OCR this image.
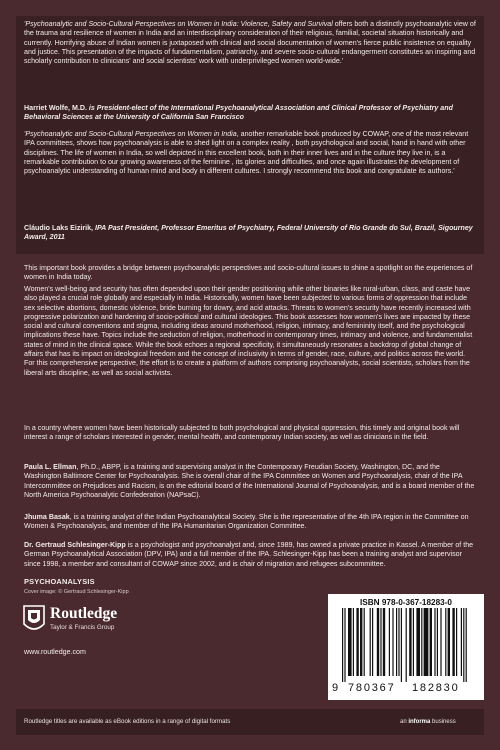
'Psychoanalytic and Socio-Cultural Perspectives on Women in India: Violence, Safety and Survival offers both a distinctly psychoanalytic view of the trauma and resilience of women in India and an interdisciplinary consideration of their religious, familial, societal situation historically and currently. Horrifying abuse of Indian women is juxtaposed with clinical and social documentation of women's fierce public insistence on equality and justice. This presentation of the impacts of fundamentalism, patriarchy, and severe socio-cultural endangerment constitutes an inspiring and scholarly contribution to clinicians' and social scientists' work with underprivileged women world-wide.'
Harriet Wolfe, M.D. is President-elect of the International Psychoanalytical Association and Clinical Professor of Psychiatry and Behavioral Sciences at the University of California San Francisco
'Psychoanalytic and Socio-Cultural Perspectives on Women in India, another remarkable book produced by COWAP, one of the most relevant IPA committees, shows how psychoanalysis is able to shed light on a complex reality , both psychological and social, hand in hand with other disciplines. The life of women in India, so well depicted in this excellent book, both in their inner lives and in the culture they live in, is a remarkable contribution to our growing awareness of the feminine , its glories and difficulties, and once again illustrates the development of psychoanalytic understanding of human mind and body in different cultures. I strongly recommend this book and congratulate its authors.'
Cláudio Laks Eizirik, IPA Past President, Professor Emeritus of Psychiatry, Federal University of Rio Grande do Sul, Brazil, Sigourney Award, 2011
This important book provides a bridge between psychoanalytic perspectives and socio-cultural issues to shine a spotlight on the experiences of women in India today.
Women's well-being and security has often depended upon their gender positioning while other binaries like rural-urban, class, and caste have also played a crucial role globally and especially in India. Historically, women have been subjected to various forms of oppression that include sex selective abortions, domestic violence, bride burning for dowry, and acid attacks. Threats to women's security have recently increased with progressive polarization and hardening of socio-political and cultural ideologies. This book assesses how women's lives are impacted by these social and cultural conventions and stigma, including ideas around motherhood, religion, intimacy, and femininity itself, and the psychological implications these have. Topics include the seduction of religion, motherhood in contemporary times, intimacy and violence, and fundamentalist states of mind in the clinical space. While the book echoes a regional specificity, it simultaneously resonates a backdrop of global change of affairs that has its impact on ideological freedom and the concept of inclusivity in terms of gender, race, culture, and politics across the world. For this comprehensive perspective, the effort is to create a platform of authors comprising psychoanalysts, social scientists, scholars from the liberal arts discipline, as well as social activists.
In a country where women have been historically subjected to both psychological and physical oppression, this timely and original book will interest a range of scholars interested in gender, mental health, and contemporary Indian society, as well as clinicians in the field.
Paula L. Ellman, Ph.D., ABPP, is a training and supervising analyst in the Contemporary Freudian Society, Washington, DC, and the Washington Baltimore Center for Psychoanalysis. She is overall chair of the IPA Committee on Women and Psychoanalysis, chair of the IPA Intercommittee on Prejudices and Racism, is on the editorial board of the International Journal of Psychoanalysis, and is a board member of the North America Psychoanalytic Confederation (NAPsaC).
Jhuma Basak, is a training analyst of the Indian Psychoanalytical Society. She is the representative of the 4th IPA region in the Committee on Women & Psychoanalysis, and member of the IPA Humanitarian Organization Committee.
Dr. Gertraud Schlesinger-Kipp is a psychologist and psychoanalyst and, since 1989, has owned a private practice in Kassel. A member of the German Psychoanalytical Association (DPV, IPA) and a full member of the IPA. Schlesinger-Kipp has been a training analyst and supervisor since 1998, a member and consultant of COWAP since 2002, and is chair of migration and refugees subcommittee.
PSYCHOANALYSIS
Cover image: © Gertraud Schlesinger-Kipp
Routledge
Taylor & Francis Group
www.routledge.com
ISBN 978-0-367-18283-0
9 780367 182830
Routledge titles are available as eBook editions in a range of digital formats	an informa business
